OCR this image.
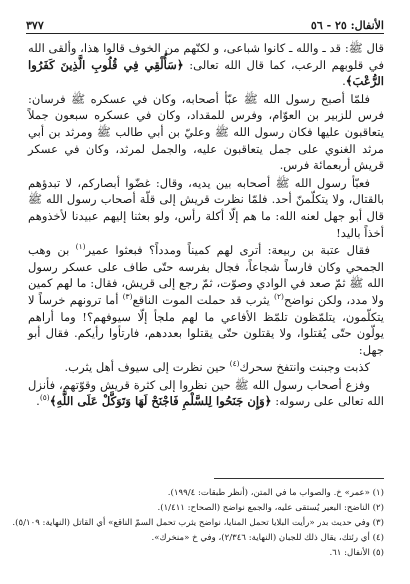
٣٧٧	الأنفال: ٢٥ - ٥٦

قال ﷺ: قد ـ والله ـ كانوا شباعى، و لكنّهم من الخوف قالوا هذا، وألقى الله في قلوبهم الرعب، كما قال الله تعالى: ﴿سَأُلْقِي فِي قُلُوبِ الَّذِينَ كَفَرُوا الرُّعْبَ﴾.

فلمّا أصبح رسول الله ﷺ عبّأ أصحابه، وكان في عسكره ﷺ فرسان: فرس للزبير بن العوّام، وفرس للمقداد، وكان في عسكره سبعون جملاً يتعاقبون عليها فكان رسول الله ﷺ وعليّ بن أبي طالب ﷺ ومرثد بن أبي مرثد الغنوي على جمل يتعاقبون عليه، والجمل لمرثد، وكان في عسكر قريش أربعمائة فرس.

فعبّأ رسول الله ﷺ أصحابه بين يديه، وقال: غضّوا أبصاركم، لا تبدؤهم بالقتال، ولا يتكلّمنّ أحد. فلمّا نظرت قريش إلى قلّة أصحاب رسول الله ﷺ قال أبو جهل لعنه الله: ما هم إلّا أكلة رأس، ولو بعثنا إليهم عبيدنا لأخذوهم أخذاً باليد!

فقال عتبة بن ربيعة: أترى لهم كميناً ومدداً؟ فبعثوا عمير$^{(١)}$ بن وهب الجمحي وكان فارساً شجاعاً، فجال بفرسه حتّى طاف على عسكر رسول الله ﷺ ثمّ صعد في الوادي وصوّت، ثمّ رجع إلى قريش، فقال: ما لهم كمين ولا مدد، ولكن نواضح$^{(٢)}$ يثرب قد حملت الموت الناقع$^{(٣)}$ أما ترونهم خرساً لا يتكلّمون، يتلمّظون تلمّظ الأفاعي ما لهم ملجأ إلّا سيوفهم؟! وما أراهم يولّون حتّى يُقتلوا، ولا يقتلون حتّى يقتلوا بعددهم، فارتأوا رأيكم. فقال أبو جهل:

كذبت وجبنت وانتفخ سحرك$^{(٤)}$ حين نظرت إلى سيوف أهل يثرب.

وفزع أصحاب رسول الله ﷺ حين نظروا إلى كثرة قريش وقوّتهم، فأنزل الله تعالى على رسوله: ﴿وَإِن جَنَحُوا لِلسَّلْمِ فَاجْنَحْ لَهَا وَتَوَكَّلْ عَلَى اللَّهِ﴾$^{(٥)}$.

(١) «عمر» خ. والصواب ما في المتن، (أنظر طبقات: ١٩٩/٤).
(٢) الناضح: البعير يُستقى عليه، والجمع نواضح (الصحاح: ١/٤١١).
(٣) وفي حديث بدر «رأيت البلايا تحمل المنايا، نواضح يثرب تحمل السمّ الناقع» أي القاتل (النهاية: ٥/١٠٩).
(٤) أي رئتك، يقال ذلك للجبان (النهاية: ٢/٣٤٦)، وفي خ «منخرك».
(٥) الأنفال: ٦١.
